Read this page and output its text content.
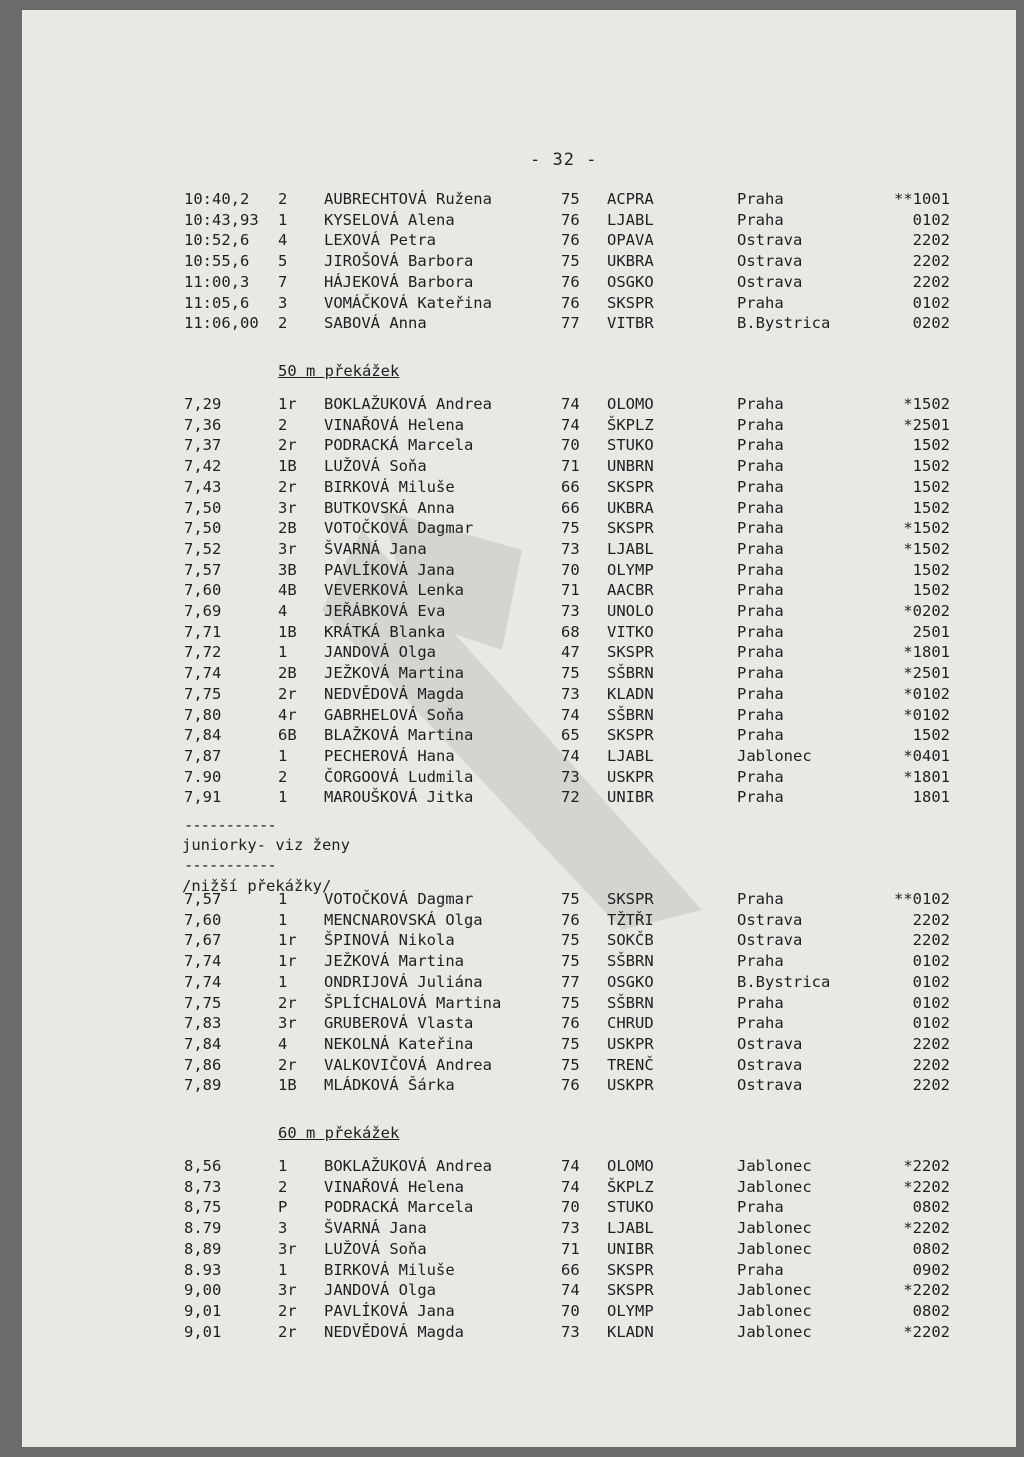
- 32 -
10:40,2 2 AUBRECHTOVÁ Ružena	75 ACPRA	Praha	**1001
10:43,93 1 KYSELOVÁ Alena	76 LJABL	Praha	0102
10:52,6 4 LEXOVÁ Petra	76 OPAVA	Ostrava	2202
10:55,6 5 JIROŠOVÁ Barbora	75 UKBRA	Ostrava	2202
11:00,3 7 HÁJEKOVÁ Barbora	76 OSGKO	Ostrava	2202
11:05,6 3 VOMÁČKOVÁ Kateřina	76 SKSPR	Praha	0102
11:06,00 2 SABOVÁ Anna	77 VITBR	B.Bystrica	0202
50 m překážek
7,29	1r BOKLAŽUKOVÁ Andrea	74 OLOMO	Praha	*1502
7,36	2 VINAŘOVÁ Helena	74 ŠKPLZ	Praha	*2501
7,37	2r PODRACKÁ Marcela	70 STUKO	Praha	1502
7,42	1B LUŽOVÁ Soňa	71 UNBRN	Praha	1502
7,43	2r BIRKOVÁ Miluše	66 SKSPR	Praha	1502
7,50	3r BUTKOVSKÁ Anna	66 UKBRA	Praha	1502
7,50	2B VOTOČKOVÁ Dagmar	75 SKSPR	Praha	*1502
7,52	3r ŠVARNÁ Jana	73 LJABL	Praha	*1502
7,57	3B PAVLÍKOVÁ Jana	70 OLYMP	Praha	1502
7,60	4B VEVERKOVÁ Lenka	71 AACBR	Praha	1502
7,69	4 JEŘÁBKOVÁ Eva	73 UNOLO	Praha	*0202
7,71	1B KRÁTKÁ Blanka	68 VITKO	Praha	2501
7,72	1 JANDOVÁ Olga	47 SKSPR	Praha	*1801
7,74	2B JEŽKOVÁ Martina	75 SŠBRN	Praha	*2501
7,75	2r NEDVĚDOVÁ Magda	73 KLADN	Praha	*0102
7,80	4r GABRHELOVÁ Soňa	74 SŠBRN	Praha	*0102
7,84	6B BLAŽKOVÁ Martina	65 SKSPR	Praha	1502
7,87	1 PECHEROVÁ Hana	74 LJABL	Jablonec	*0401
7.90	2 ČORGOOVÁ Ludmila	73 USKPR	Praha	*1801
7,91	1 MAROUŠKOVÁ Jitka	72 UNIBR	Praha	1801
-----------
juniorky- viz ženy
-----------
/nižší překážky/
7,57	1 VOTOČKOVÁ Dagmar	75 SKSPR	Praha	**0102
7,60	1 MENCNAROVSKÁ Olga	76 TŽTŘI	Ostrava	2202
7,67	1r ŠPINOVÁ Nikola	75 SOKČB	Ostrava	2202
7,74	1r JEŽKOVÁ Martina	75 SŠBRN	Praha	0102
7,74	1 ONDRIJOVÁ Juliána	77 OSGKO	B.Bystrica	0102
7,75	2r ŠPLÍCHALOVÁ Martina	75 SŠBRN	Praha	0102
7,83	3r GRUBEROVÁ Vlasta	76 CHRUD	Praha	0102
7,84	4 NEKOLNÁ Kateřina	75 USKPR	Ostrava	2202
7,86	2r VALKOVIČOVÁ Andrea	75 TRENČ	Ostrava	2202
7,89	1B MLÁDKOVÁ Šárka	76 USKPR	Ostrava	2202
60 m překážek
8,56	1 BOKLAŽUKOVÁ Andrea	74 OLOMO	Jablonec	*2202
8,73	2 VINAŘOVÁ Helena	74 ŠKPLZ	Jablonec	*2202
8,75	P PODRACKÁ Marcela	70 STUKO	Praha	0802
8.79	3 ŠVARNÁ Jana	73 LJABL	Jablonec	*2202
8,89	3r LUŽOVÁ Soňa	71 UNIBR	Jablonec	0802
8.93	1 BIRKOVÁ Miluše	66 SKSPR	Praha	0902
9,00	3r JANDOVÁ Olga	74 SKSPR	Jablonec	*2202
9,01	2r PAVLÍKOVÁ Jana	70 OLYMP	Jablonec	0802
9,01	2r NEDVĚDOVÁ Magda	73 KLADN	Jablonec	*2202
